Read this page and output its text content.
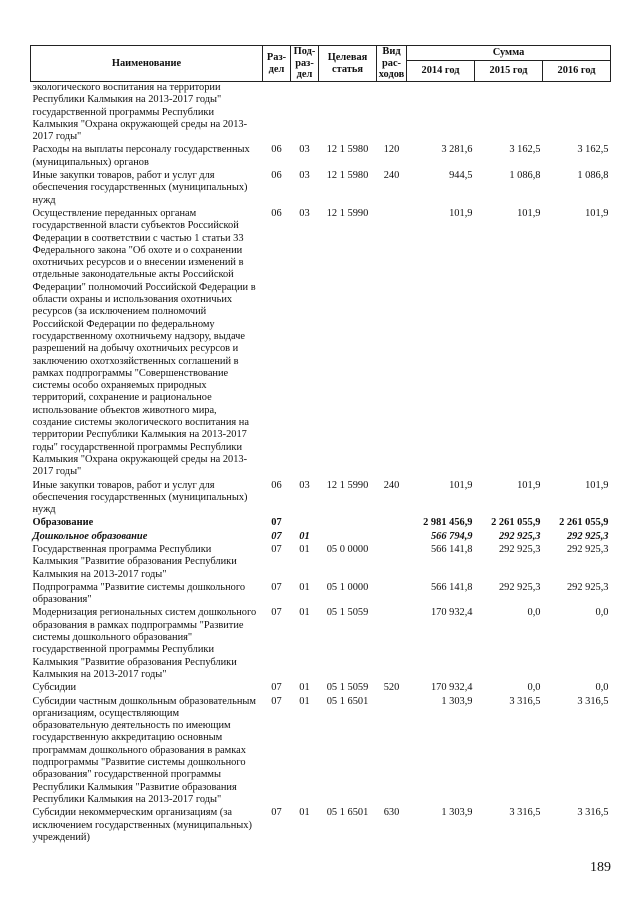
Наименование	Раз-дел	Под-раз-дел	Целевая статья	Вид рас-ходов	Сумма		
					2014 год	2015 год	2016 год
экологического воспитания на территории Республики Калмыкия на 2013-2017 годы" государственной программы Республики Калмыкия "Охрана окружающей среды на 2013-2017 годы"							
Расходы на выплаты персоналу государственных (муниципальных) органов	06	03	12 1 5980	120	3 281,6	3 162,5	3 162,5
Иные закупки товаров, работ и услуг для обеспечения государственных (муниципальных) нужд	06	03	12 1 5980	240	944,5	1 086,8	1 086,8
Осуществление переданных органам государственной власти субъектов Российской Федерации в соответствии с частью 1 статьи 33 Федерального закона "Об охоте и о сохранении охотничьих ресурсов и о внесении изменений в отдельные законодательные акты Российской Федерации" полномочий Российской Федерации в области охраны и использования охотничьих ресурсов (за исключением полномочий Российской Федерации по федеральному государственному охотничьему надзору, выдаче разрешений на добычу охотничьих ресурсов и заключению охотхозяйственных соглашений в рамках подпрограммы "Совершенствование системы особо охраняемых природных территорий, сохранение и рациональное использование объектов животного мира, создание системы экологического воспитания на территории Республики Калмыкия на 2013-2017 годы" государственной программы Республики Калмыкия "Охрана окружающей среды на 2013-2017 годы"	06	03	12 1 5990		101,9	101,9	101,9
Иные закупки товаров, работ и услуг для обеспечения государственных (муниципальных) нужд	06	03	12 1 5990	240	101,9	101,9	101,9
Образование	07				2 981 456,9	2 261 055,9	2 261 055,9
Дошкольное образование	07	01			566 794,9	292 925,3	292 925,3
Государственная программа Республики Калмыкия "Развитие образования Республики Калмыкия на 2013-2017 годы"	07	01	05 0 0000		566 141,8	292 925,3	292 925,3
Подпрограмма "Развитие системы дошкольного образования"	07	01	05 1 0000		566 141,8	292 925,3	292 925,3
Модернизация региональных систем дошкольного образования в рамках подпрограммы "Развитие системы дошкольного образования" государственной программы Республики Калмыкия "Развитие образования Республики Калмыкия на 2013-2017 годы"	07	01	05 1 5059		170 932,4	0,0	0,0
Субсидии	07	01	05 1 5059	520	170 932,4	0,0	0,0
Субсидии частным дошкольным образовательным организациям, осуществляющим образовательную деятельность по имеющим государственную аккредитацию основным программам дошкольного образования в рамках подпрограммы "Развитие системы дошкольного образования" государственной программы Республики Калмыкия "Развитие образования Республики Калмыкия на 2013-2017 годы"	07	01	05 1 6501		1 303,9	3 316,5	3 316,5
Субсидии некоммерческим организациям (за исключением государственных (муниципальных) учреждений)	07	01	05 1 6501	630	1 303,9	3 316,5	3 316,5
189
